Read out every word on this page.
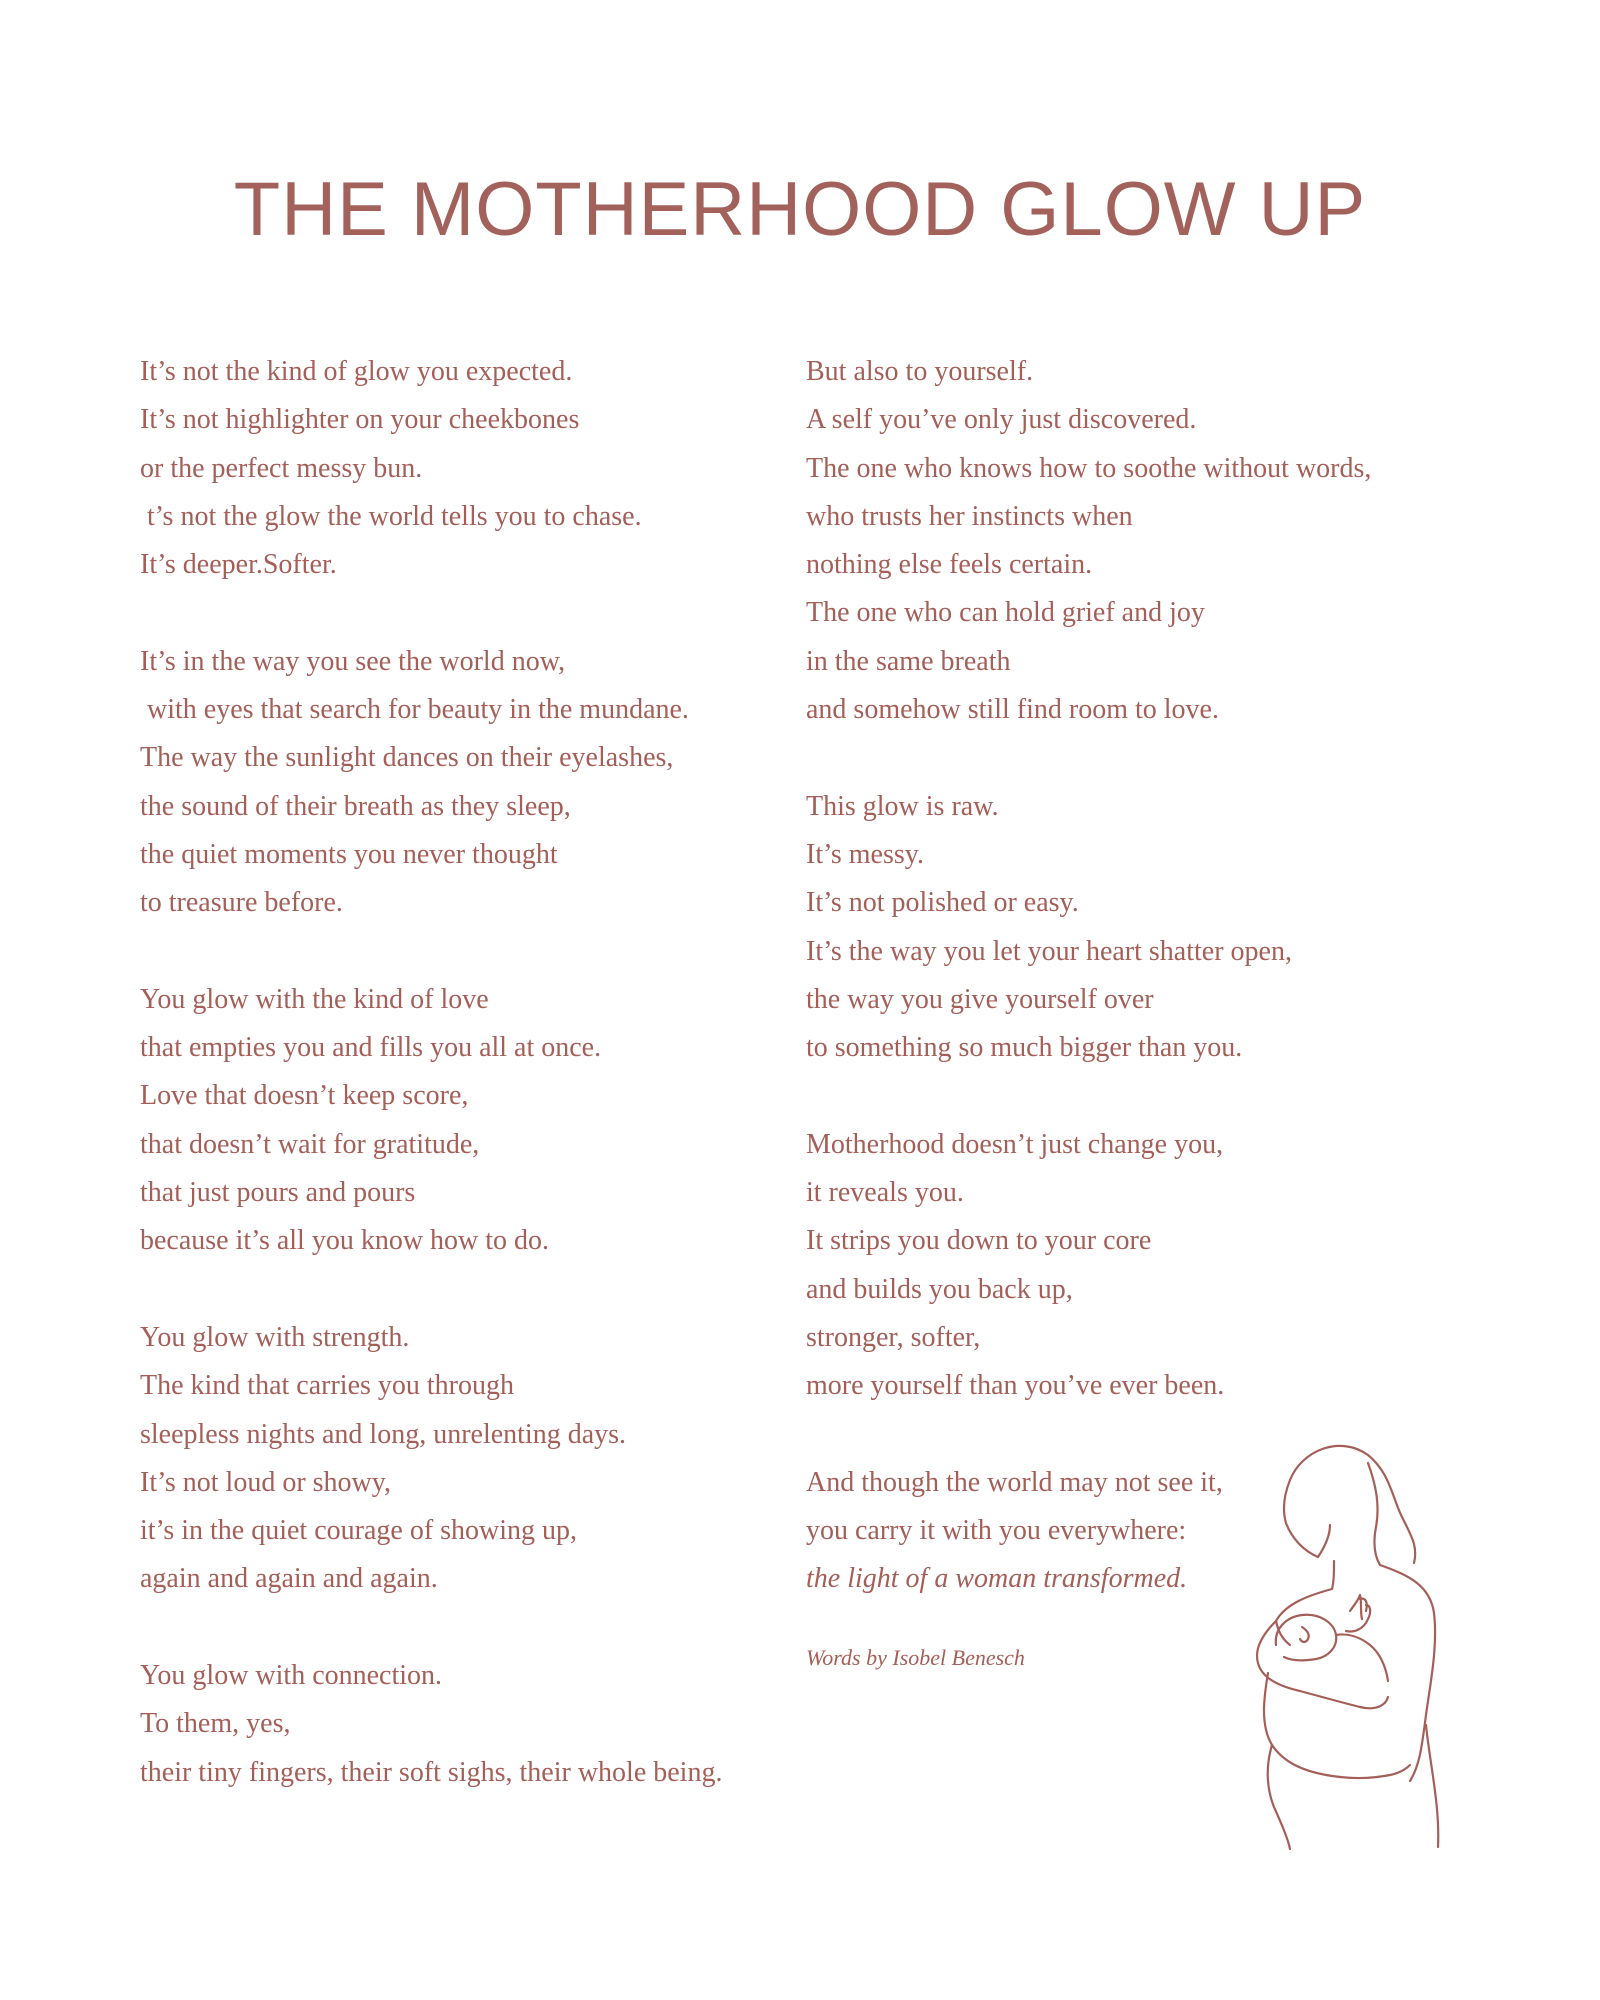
THE MOTHERHOOD GLOW UP
It’s not the kind of glow you expected.
It’s not highlighter on your cheekbones
or the perfect messy bun.
t’s not the glow the world tells you to chase.
It’s deeper.Softer.
It’s in the way you see the world now,
with eyes that search for beauty in the mundane.
The way the sunlight dances on their eyelashes,
the sound of their breath as they sleep,
the quiet moments you never thought
to treasure before.
You glow with the kind of love
that empties you and fills you all at once.
Love that doesn’t keep score,
that doesn’t wait for gratitude,
that just pours and pours
because it’s all you know how to do.
You glow with strength.
The kind that carries you through
sleepless nights and long, unrelenting days.
It’s not loud or showy,
it’s in the quiet courage of showing up,
again and again and again.
You glow with connection.
To them, yes,
their tiny fingers, their soft sighs, their whole being.
But also to yourself.
A self you’ve only just discovered.
The one who knows how to soothe without words,
who trusts her instincts when
nothing else feels certain.
The one who can hold grief and joy
in the same breath
and somehow still find room to love.
This glow is raw.
It’s messy.
It’s not polished or easy.
It’s the way you let your heart shatter open,
the way you give yourself over
to something so much bigger than you.
Motherhood doesn’t just change you,
it reveals you.
It strips you down to your core
and builds you back up,
stronger, softer,
more yourself than you’ve ever been.
And though the world may not see it,
you carry it with you everywhere:
the light of a woman transformed.
Words by Isobel Benesch
